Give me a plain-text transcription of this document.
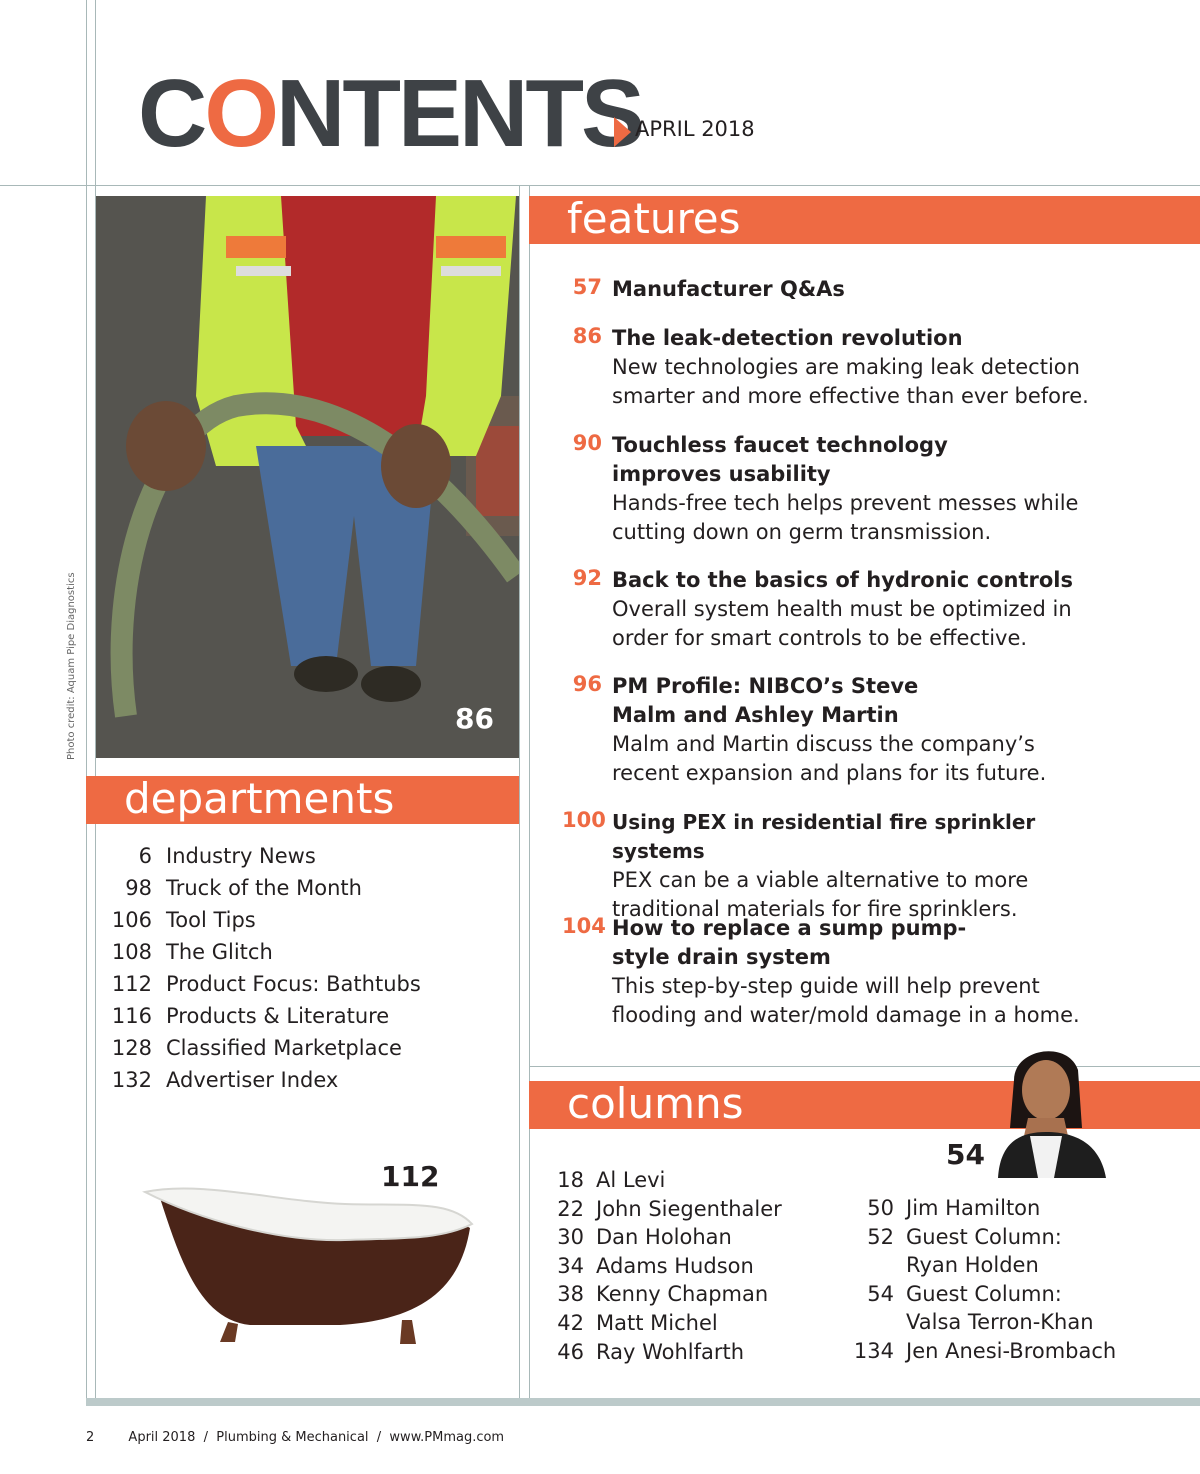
CONTENTS
APRIL 2018
86
Photo credit: Aquam Pipe Diagnostics
features
57 Manufacturer Q&As
86 The leak-detection revolution
New technologies are making leak detection smarter and more effective than ever before.
90 Touchless faucet technology improves usability
Hands-free tech helps prevent messes while cutting down on germ transmission.
92 Back to the basics of hydronic controls
Overall system health must be optimized in order for smart controls to be effective.
96 PM Profile: NIBCO’s Steve Malm and Ashley Martin
Malm and Martin discuss the company’s recent expansion and plans for its future.
100 Using PEX in residential fire sprinkler systems
PEX can be a viable alternative to more traditional materials for fire sprinklers.
104 How to replace a sump pump-style drain system
This step-by-step guide will help prevent flooding and water/mold damage in a home.
departments
6 Industry News
98 Truck of the Month
106 Tool Tips
108 The Glitch
112 Product Focus: Bathtubs
116 Products & Literature
128 Classified Marketplace
132 Advertiser Index
112
columns
54
18 Al Levi
22 John Siegenthaler
30 Dan Holohan
34 Adams Hudson
38 Kenny Chapman
42 Matt Michel
46 Ray Wohlfarth
50 Jim Hamilton
52 Guest Column:
Ryan Holden
54 Guest Column:
Valsa Terron-Khan
134 Jen Anesi-Brombach
2	April 2018  /  Plumbing & Mechanical  /  www.PMmag.com
